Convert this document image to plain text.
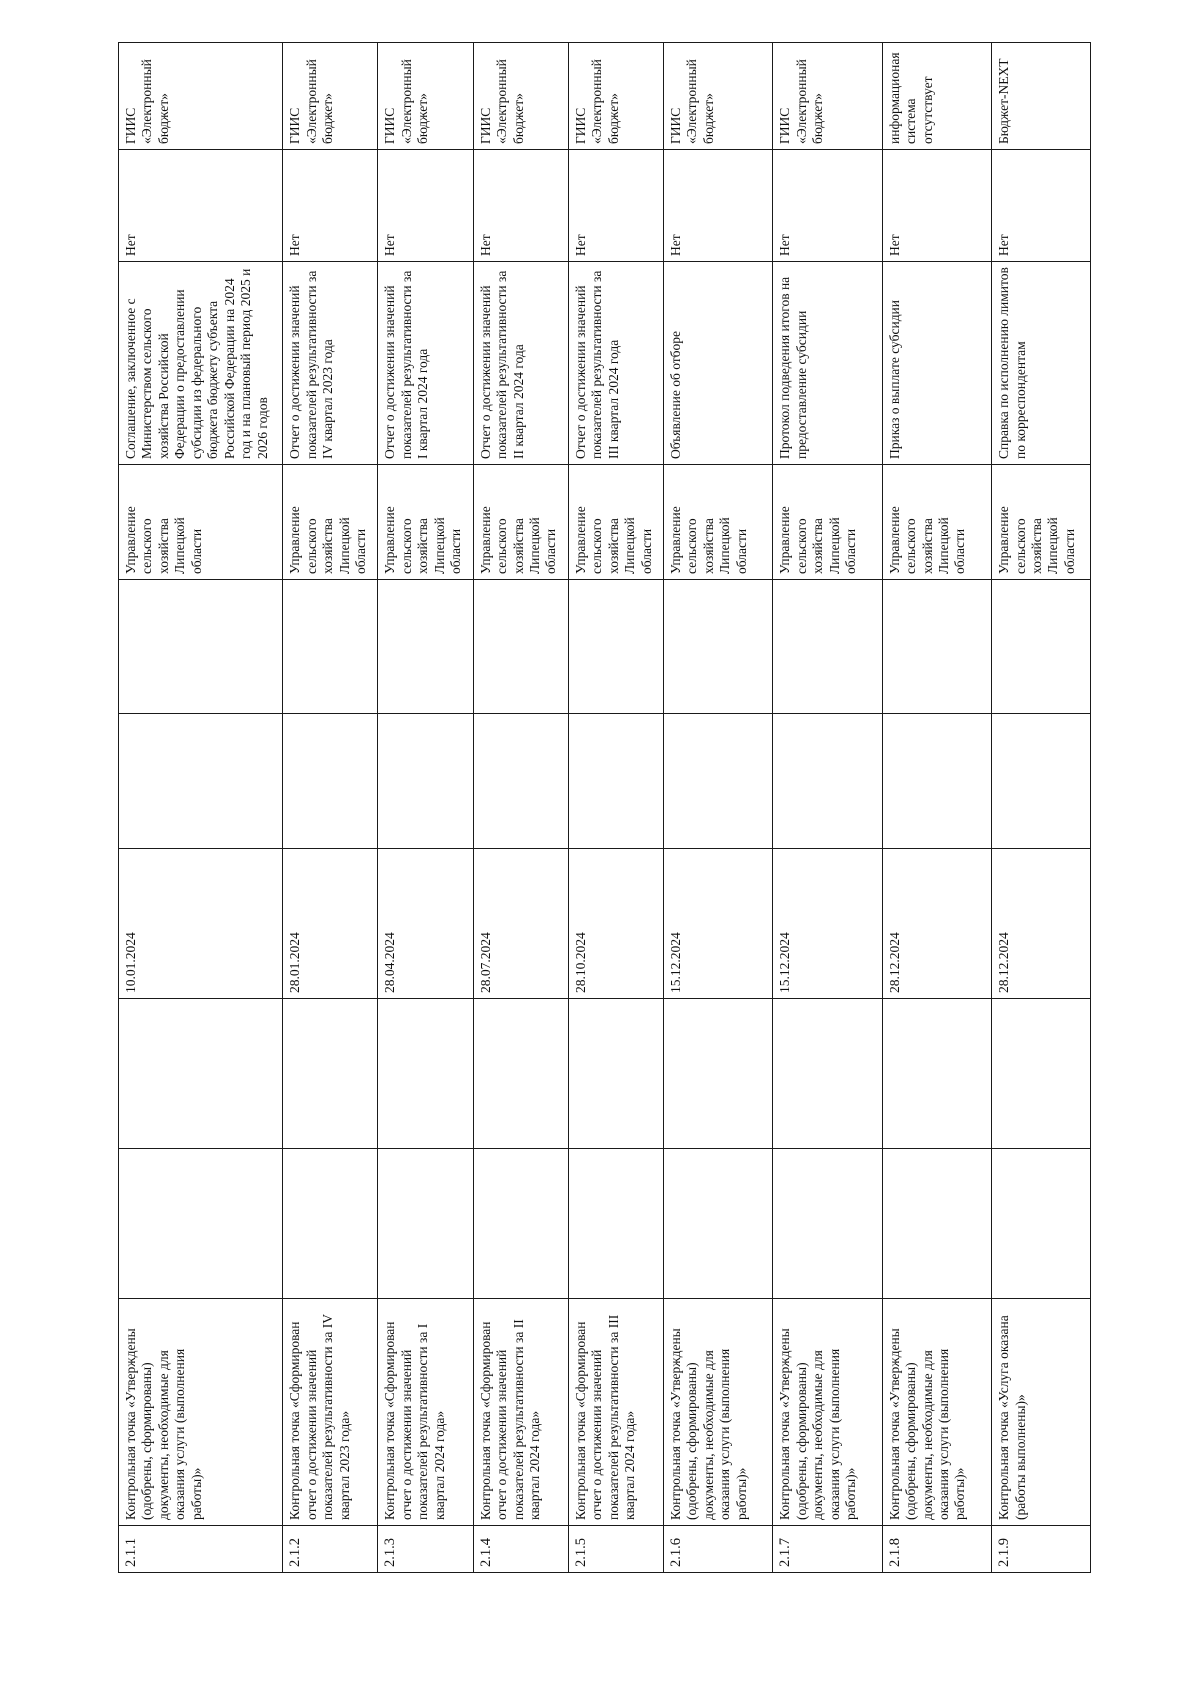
2.1.1	Контрольная точка «Утверждены (одобрены, сформированы) документы, необходимые для оказания услуги (выполнения работы)»			10.01.2024			Управление сельского хозяйства Липецкой области	Соглашение, заключенное с Министерством сельского хозяйства Российской Федерации о предоставлении субсидии из федерального бюджета бюджету субъекта Российской Федерации на 2024 год и на плановый период 2025 и 2026 годов	Нет	ГИИС «Электронный бюджет»
2.1.2	Контрольная точка «Сформирован отчет о достижении значений показателей результативности за IV квартал 2023 года»			28.01.2024			Управление сельского хозяйства Липецкой области	Отчет о достижении значений показателей результативности за IV квартал 2023 года	Нет	ГИИС «Электронный бюджет»
2.1.3	Контрольная точка «Сформирован отчет о достижении значений показателей результативности за I квартал 2024 года»			28.04.2024			Управление сельского хозяйства Липецкой области	Отчет о достижении значений показателей результативности за I квартал 2024 года	Нет	ГИИС «Электронный бюджет»
2.1.4	Контрольная точка «Сформирован отчет о достижении значений показателей результативности за II квартал 2024 года»			28.07.2024			Управление сельского хозяйства Липецкой области	Отчет о достижении значений показателей результативности за II квартал 2024 года	Нет	ГИИС «Электронный бюджет»
2.1.5	Контрольная точка «Сформирован отчет о достижении значений показателей результативности за III квартал 2024 года»			28.10.2024			Управление сельского хозяйства Липецкой области	Отчет о достижении значений показателей результативности за III квартал 2024 года	Нет	ГИИС «Электронный бюджет»
2.1.6	Контрольная точка «Утверждены (одобрены, сформированы) документы, необходимые для оказания услуги (выполнения работы)»			15.12.2024			Управление сельского хозяйства Липецкой области	Объявление об отборе	Нет	ГИИС «Электронный бюджет»
2.1.7	Контрольная точка «Утверждены (одобрены, сформированы) документы, необходимые для оказания услуги (выполнения работы)»			15.12.2024			Управление сельского хозяйства Липецкой области	Протокол подведения итогов на предоставление субсидии	Нет	ГИИС «Электронный бюджет»
2.1.8	Контрольная точка «Утверждены (одобрены, сформированы) документы, необходимые для оказания услуги (выполнения работы)»			28.12.2024			Управление сельского хозяйства Липецкой области	Приказ о выплате субсидии	Нет	информационая система отсутствует
2.1.9	Контрольная точка «Услуга оказана (работы выполнены)»			28.12.2024			Управление сельского хозяйства Липецкой области	Справка по исполнению лимитов по корреспондентам	Нет	Бюджет-NEXT
